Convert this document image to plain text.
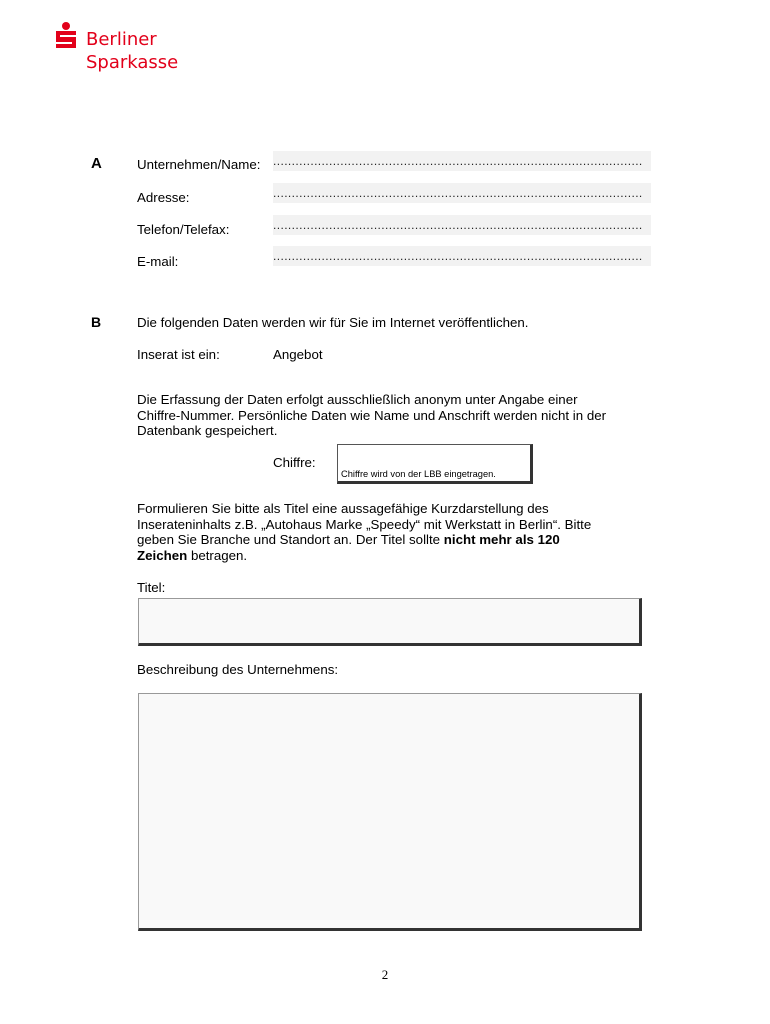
Berliner
Sparkasse
A	Unternehmen/Name: ...................................................................................................
Adresse:	...................................................................................................
Telefon/Telefax:	...................................................................................................
E-mail:	...................................................................................................
B	Die folgenden Daten werden wir für Sie im Internet veröffentlichen.
Inserat ist ein:	Angebot
Die Erfassung der Daten erfolgt ausschließlich anonym unter Angabe einer Chiffre-Nummer. Persönliche Daten wie Name und Anschrift werden nicht in der Datenbank gespeichert.
Chiffre:
Chiffre wird von der LBB eingetragen.
Formulieren Sie bitte als Titel eine aussagefähige Kurzdarstellung des Inserateninhalts z.B. „Autohaus Marke „Speedy“ mit Werkstatt in Berlin“. Bitte geben Sie Branche und Standort an. Der Titel sollte nicht mehr als 120 Zeichen betragen.
Titel:
Beschreibung des Unternehmens:
2
